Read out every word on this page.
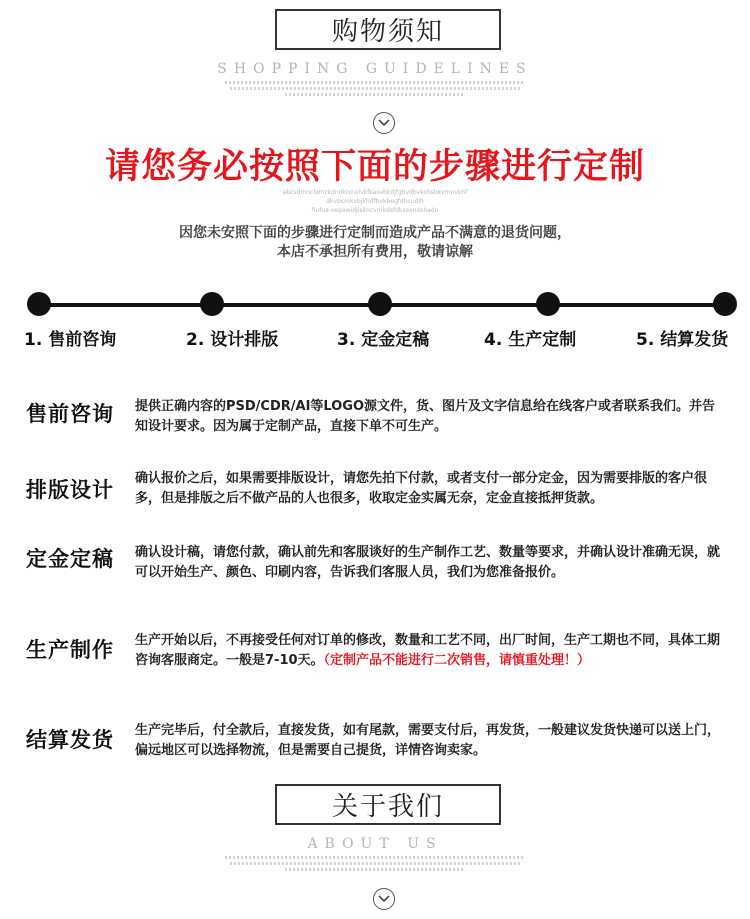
购物须知
SHOPPING GUIDELINES
请您务必按照下面的步骤进行定制
abcsdmnclxmzkdndklxnxlvkfkasvbkdjfgbvdbvkchsbkvmnvkhf
dkvbcmkvbjkhdfbvkbegfdhcudih
fiufua:oepawidjiskncvmkdsfdksexndshado
因您未安照下面的步骤进行定制而造成产品不满意的退货问题，
本店不承担所有费用，敬请谅解
1. 售前咨询	2. 设计排版	3. 定金定稿	4. 生产定制	5. 结算发货
售前咨询 提供正确内容的PSD/CDR/AI等LOGO源文件，货、图片及文字信息给在线客户或者联系我们。并告知设计要求。因为属于定制产品，直接下单不可生产。
排版设计 确认报价之后，如果需要排版设计，请您先拍下付款，或者支付一部分定金，因为需要排版的客户很多，但是排版之后不做产品的人也很多，收取定金实属无奈，定金直接抵押货款。
定金定稿 确认设计稿，请您付款，确认前先和客服谈好的生产制作工艺、数量等要求，并确认设计准确无误，就可以开始生产、颜色、印刷内容，告诉我们客服人员，我们为您准备报价。
生产制作 生产开始以后，不再接受任何对订单的修改，数量和工艺不同，出厂时间，生产工期也不同，具体工期咨询客服商定。一般是7-10天。（定制产品不能进行二次销售，请慎重处理！）
结算发货 生产完毕后，付全款后，直接发货，如有尾款，需要支付后，再发货，一般建议发货快递可以送上门，偏远地区可以选择物流，但是需要自己提货，详情咨询卖家。
关于我们
ABOUT US
